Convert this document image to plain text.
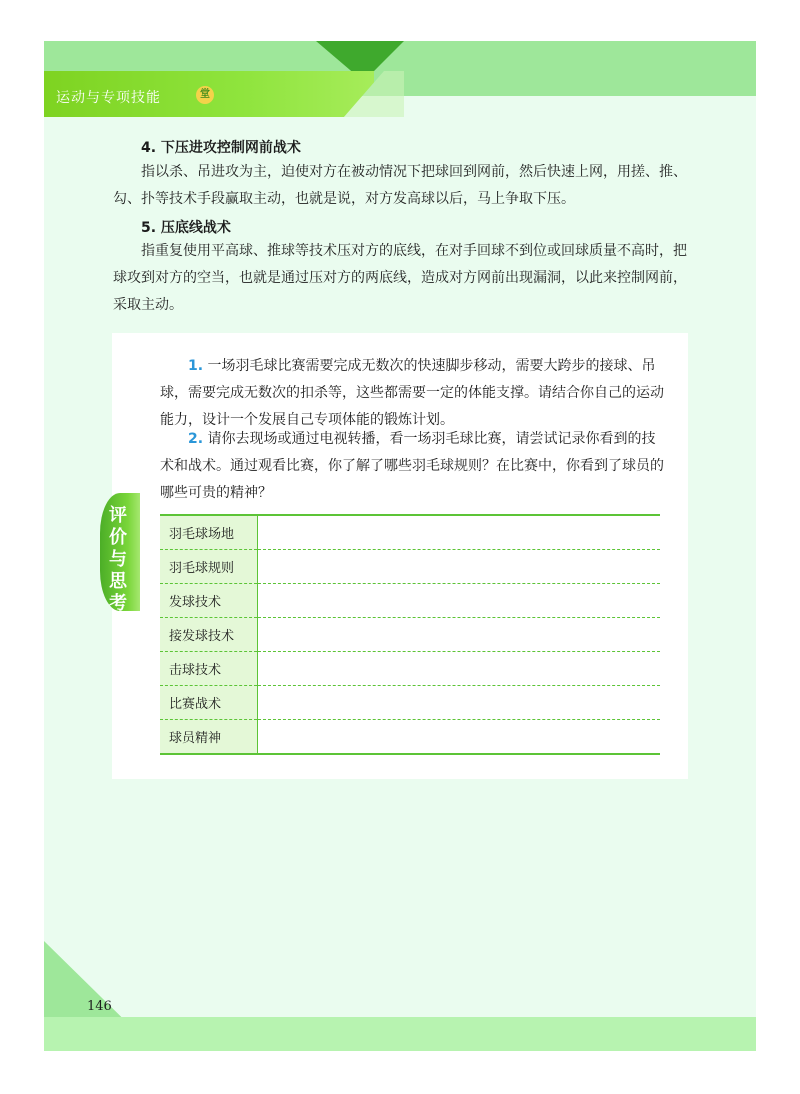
运动与专项技能	堂
4. 下压进攻控制网前战术
指以杀、吊进攻为主，迫使对方在被动情况下把球回到网前，然后快速上网，用搓、推、勾、扑等技术手段赢取主动，也就是说，对方发高球以后，马上争取下压。
5. 压底线战术
指重复使用平高球、推球等技术压对方的底线，在对手回球不到位或回球质量不高时，把球攻到对方的空当，也就是通过压对方的两底线，造成对方网前出现漏洞，以此来控制网前，采取主动。
1. 一场羽毛球比赛需要完成无数次的快速脚步移动，需要大跨步的接球、吊球，需要完成无数次的扣杀等，这些都需要一定的体能支撑。请结合你自己的运动能力，设计一个发展自己专项体能的锻炼计划。
2. 请你去现场或通过电视转播，看一场羽毛球比赛，请尝试记录你看到的技术和战术。通过观看比赛，你了解了哪些羽毛球规则？在比赛中，你看到了球员的哪些可贵的精神？
评价与思考
羽毛球场地	
羽毛球规则	
发球技术	
接发球技术	
击球技术	
比赛战术	
球员精神	
146
